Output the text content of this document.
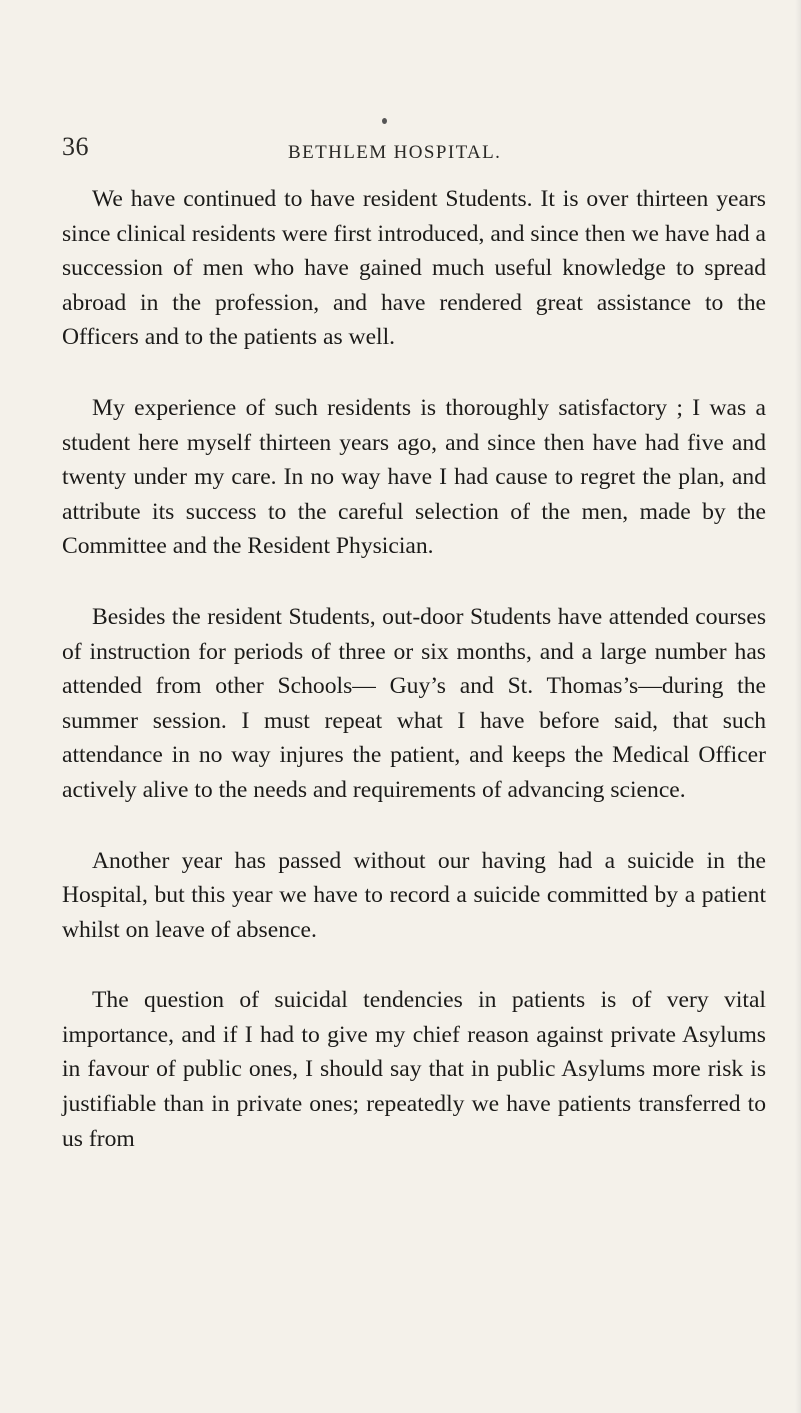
36	BETHLEM HOSPITAL.

We have continued to have resident Students. It is over thirteen years since clinical residents were first introduced, and since then we have had a succession of men who have gained much useful knowledge to spread abroad in the profession, and have rendered great assistance to the Officers and to the patients as well.

My experience of such residents is thoroughly satisfactory ; I was a student here myself thirteen years ago, and since then have had five and twenty under my care. In no way have I had cause to regret the plan, and attribute its success to the careful selection of the men, made by the Committee and the Resident Physician.

Besides the resident Students, out-door Students have attended courses of instruction for periods of three or six months, and a large number has attended from other Schools— Guy’s and St. Thomas’s—during the summer session. I must repeat what I have before said, that such attendance in no way injures the patient, and keeps the Medical Officer actively alive to the needs and requirements of advancing science.

Another year has passed without our having had a suicide in the Hospital, but this year we have to record a suicide committed by a patient whilst on leave of absence.

The question of suicidal tendencies in patients is of very vital importance, and if I had to give my chief reason against private Asylums in favour of public ones, I should say that in public Asylums more risk is justifiable than in private ones; repeatedly we have patients transferred to us from
